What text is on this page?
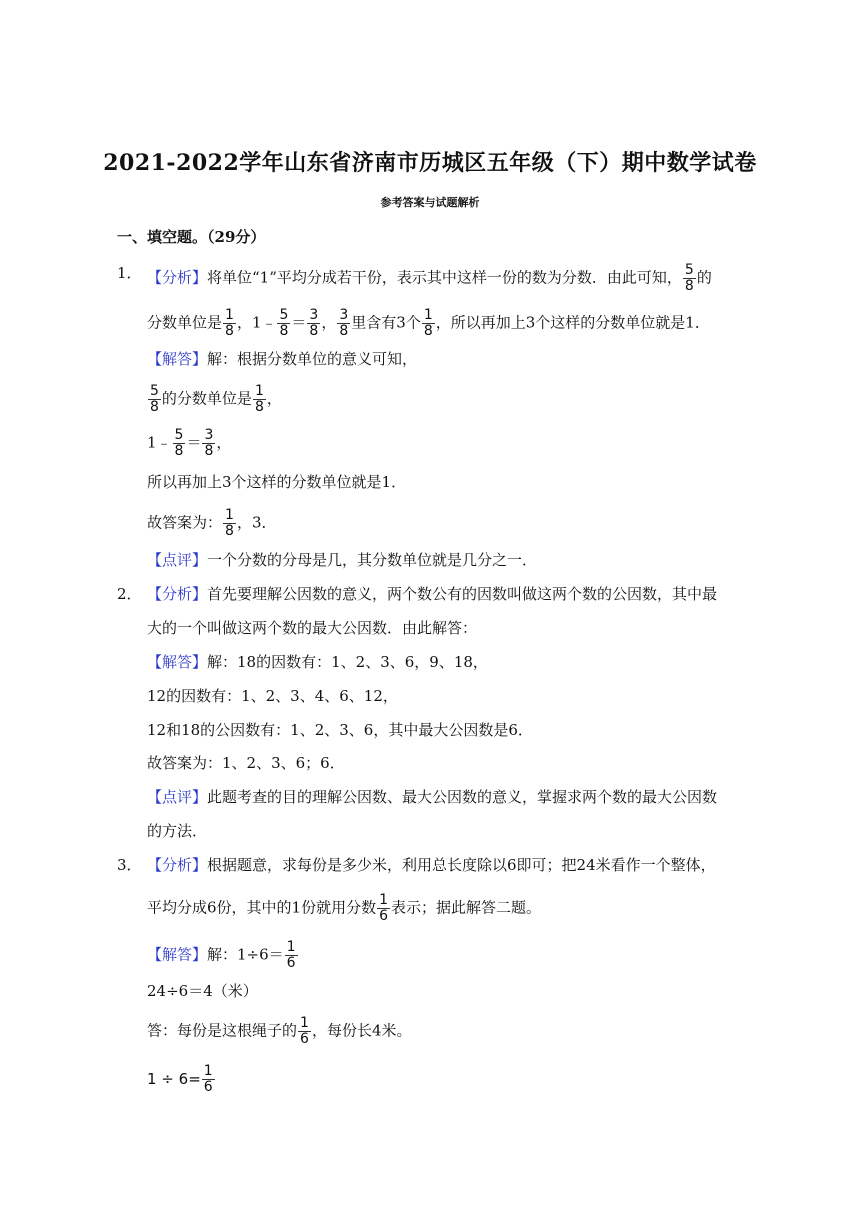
2021-2022学年山东省济南市历城区五年级（下）期中数学试卷
参考答案与试题解析
一、填空题。（29分）
1． 【分析】将单位“1”平均分成若干份，表示其中这样一份的数为分数．由此可知， $\frac{5}{8}$ 的
分数单位是 $\frac{1}{8}$ ，1﹣ $\frac{5}{8} = \frac{3}{8}$ ， $\frac{3}{8}$ 里含有3个 $\frac{1}{8}$ ，所以再加上3个这样的分数单位就是1．
【解答】解：根据分数单位的意义可知，
$\frac{5}{8}$ 的分数单位是 $\frac{1}{8}$ ，
1﹣ $\frac{5}{8} = \frac{3}{8}$ ，
所以再加上3个这样的分数单位就是1．
故答案为： $\frac{1}{8}$ ，3．
【点评】一个分数的分母是几，其分数单位就是几分之一．
2． 【分析】首先要理解公因数的意义，两个数公有的因数叫做这两个数的公因数，其中最
大的一个叫做这两个数的最大公因数．由此解答：
【解答】解：18的因数有：1、2、3、6，9、18，
12的因数有：1、2、3、4、6、12，
12和18的公因数有：1、2、3、6，其中最大公因数是6．
故答案为：1、2、3、6；6．
【点评】此题考查的目的理解公因数、最大公因数的意义，掌握求两个数的最大公因数
的方法．
3． 【分析】根据题意，求每份是多少米，利用总长度除以6即可；把24米看作一个整体，
平均分成6份，其中的1份就用分数 $\frac{1}{6}$ 表示；据此解答二题。
【解答】解：$1\div 6= \frac{1}{6}$
24÷6＝4（米）
答：每份是这根绳子的 $\frac{1}{6}$ ，每份长4米。
$1 \div 6= \frac{1}{6}$
